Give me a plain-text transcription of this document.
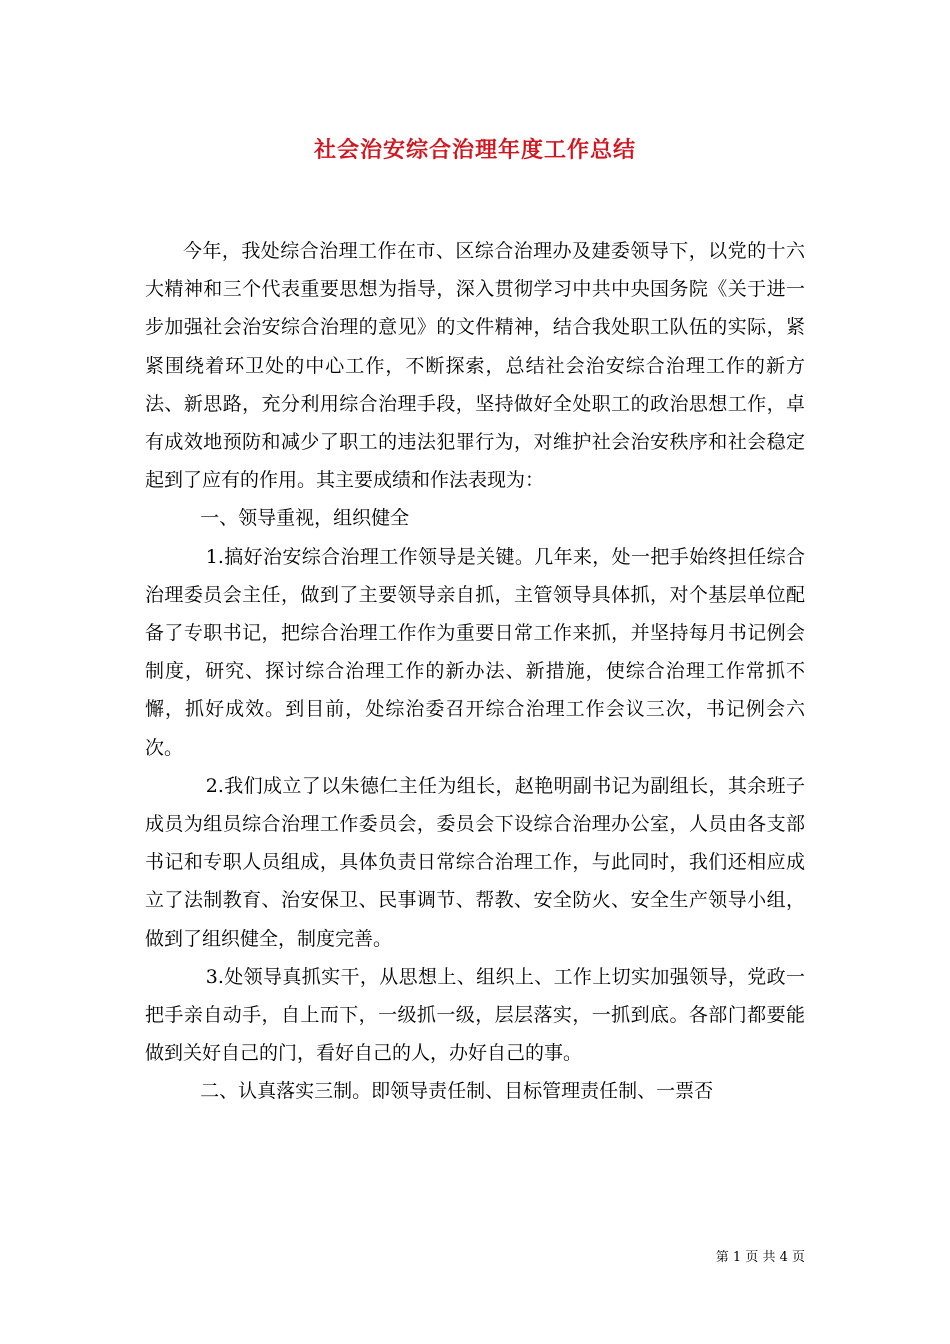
社会治安综合治理年度工作总结

今年，我处综合治理工作在市、区综合治理办及建委领导下，以党的十六大精神和三个代表重要思想为指导，深入贯彻学习中共中央国务院《关于进一步加强社会治安综合治理的意见》的文件精神，结合我处职工队伍的实际，紧紧围绕着环卫处的中心工作，不断探索，总结社会治安综合治理工作的新方法、新思路，充分利用综合治理手段，坚持做好全处职工的政治思想工作，卓有成效地预防和减少了职工的违法犯罪行为，对维护社会治安秩序和社会稳定起到了应有的作用。其主要成绩和作法表现为：

一、领导重视，组织健全

1.搞好治安综合治理工作领导是关键。几年来，处一把手始终担任综合治理委员会主任，做到了主要领导亲自抓，主管领导具体抓，对个基层单位配备了专职书记，把综合治理工作作为重要日常工作来抓，并坚持每月书记例会制度，研究、探讨综合治理工作的新办法、新措施，使综合治理工作常抓不懈，抓好成效。到目前，处综治委召开综合治理工作会议三次，书记例会六次。

2.我们成立了以朱德仁主任为组长，赵艳明副书记为副组长，其余班子成员为组员综合治理工作委员会，委员会下设综合治理办公室，人员由各支部书记和专职人员组成，具体负责日常综合治理工作，与此同时，我们还相应成立了法制教育、治安保卫、民事调节、帮教、安全防火、安全生产领导小组，做到了组织健全，制度完善。

3.处领导真抓实干，从思想上、组织上、工作上切实加强领导，党政一把手亲自动手，自上而下，一级抓一级，层层落实，一抓到底。各部门都要能做到关好自己的门，看好自己的人，办好自己的事。

二、认真落实三制。即领导责任制、目标管理责任制、一票否

第 1 页 共 4 页
